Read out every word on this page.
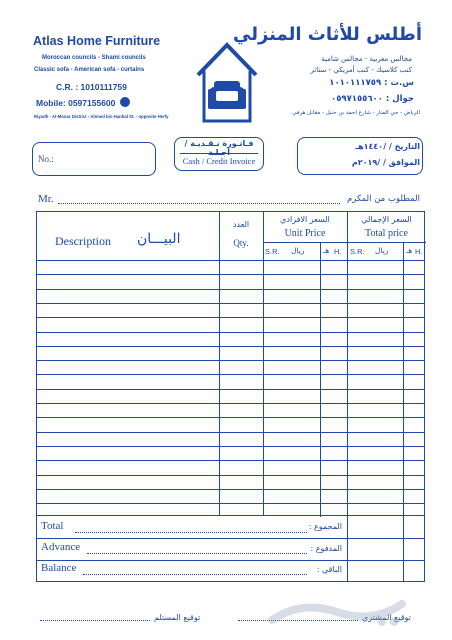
Atlas Home Furniture
Moroccan councils - Shami councils
Classic sofa - American sofa - curtains
C.R. : 1010111759
Mobile: 0597155600
Riyadh - Al-Monar District - Ahmed bin Hanbal St. - opposite Herfy
أطلس للأثاث المنزلي
مجالس مغربية - مجالس شامية
كنب كلاسيك - كنب أمريكي - ستائر
س.ت : ١٠١٠١١١٧٥٩
جوال : ٠٥٩٧١٥٥٦٠٠
الرياض - حي المنار - شارع احمد بن حنبل - مقابل هرفي
No.:
فـاتـورة نـقـديـة / أجـلـة
Cash / Credit Invoice
التاريخ / /١٤٤٠هـ
الموافق / /٢٠١٩م
Mr.	المطلوب من المكرم
Description البيـــان
العدد
Qty.
السعر الافرادي
Unit Price
السعر الإجمالي
Total price
S.R. ريال هـ H. S.R. ريال هـ H.
Total	المجموع :
Advance	المدفوع :
Balance	الباقي :
توقيع المستلم	توقيع المشتري
